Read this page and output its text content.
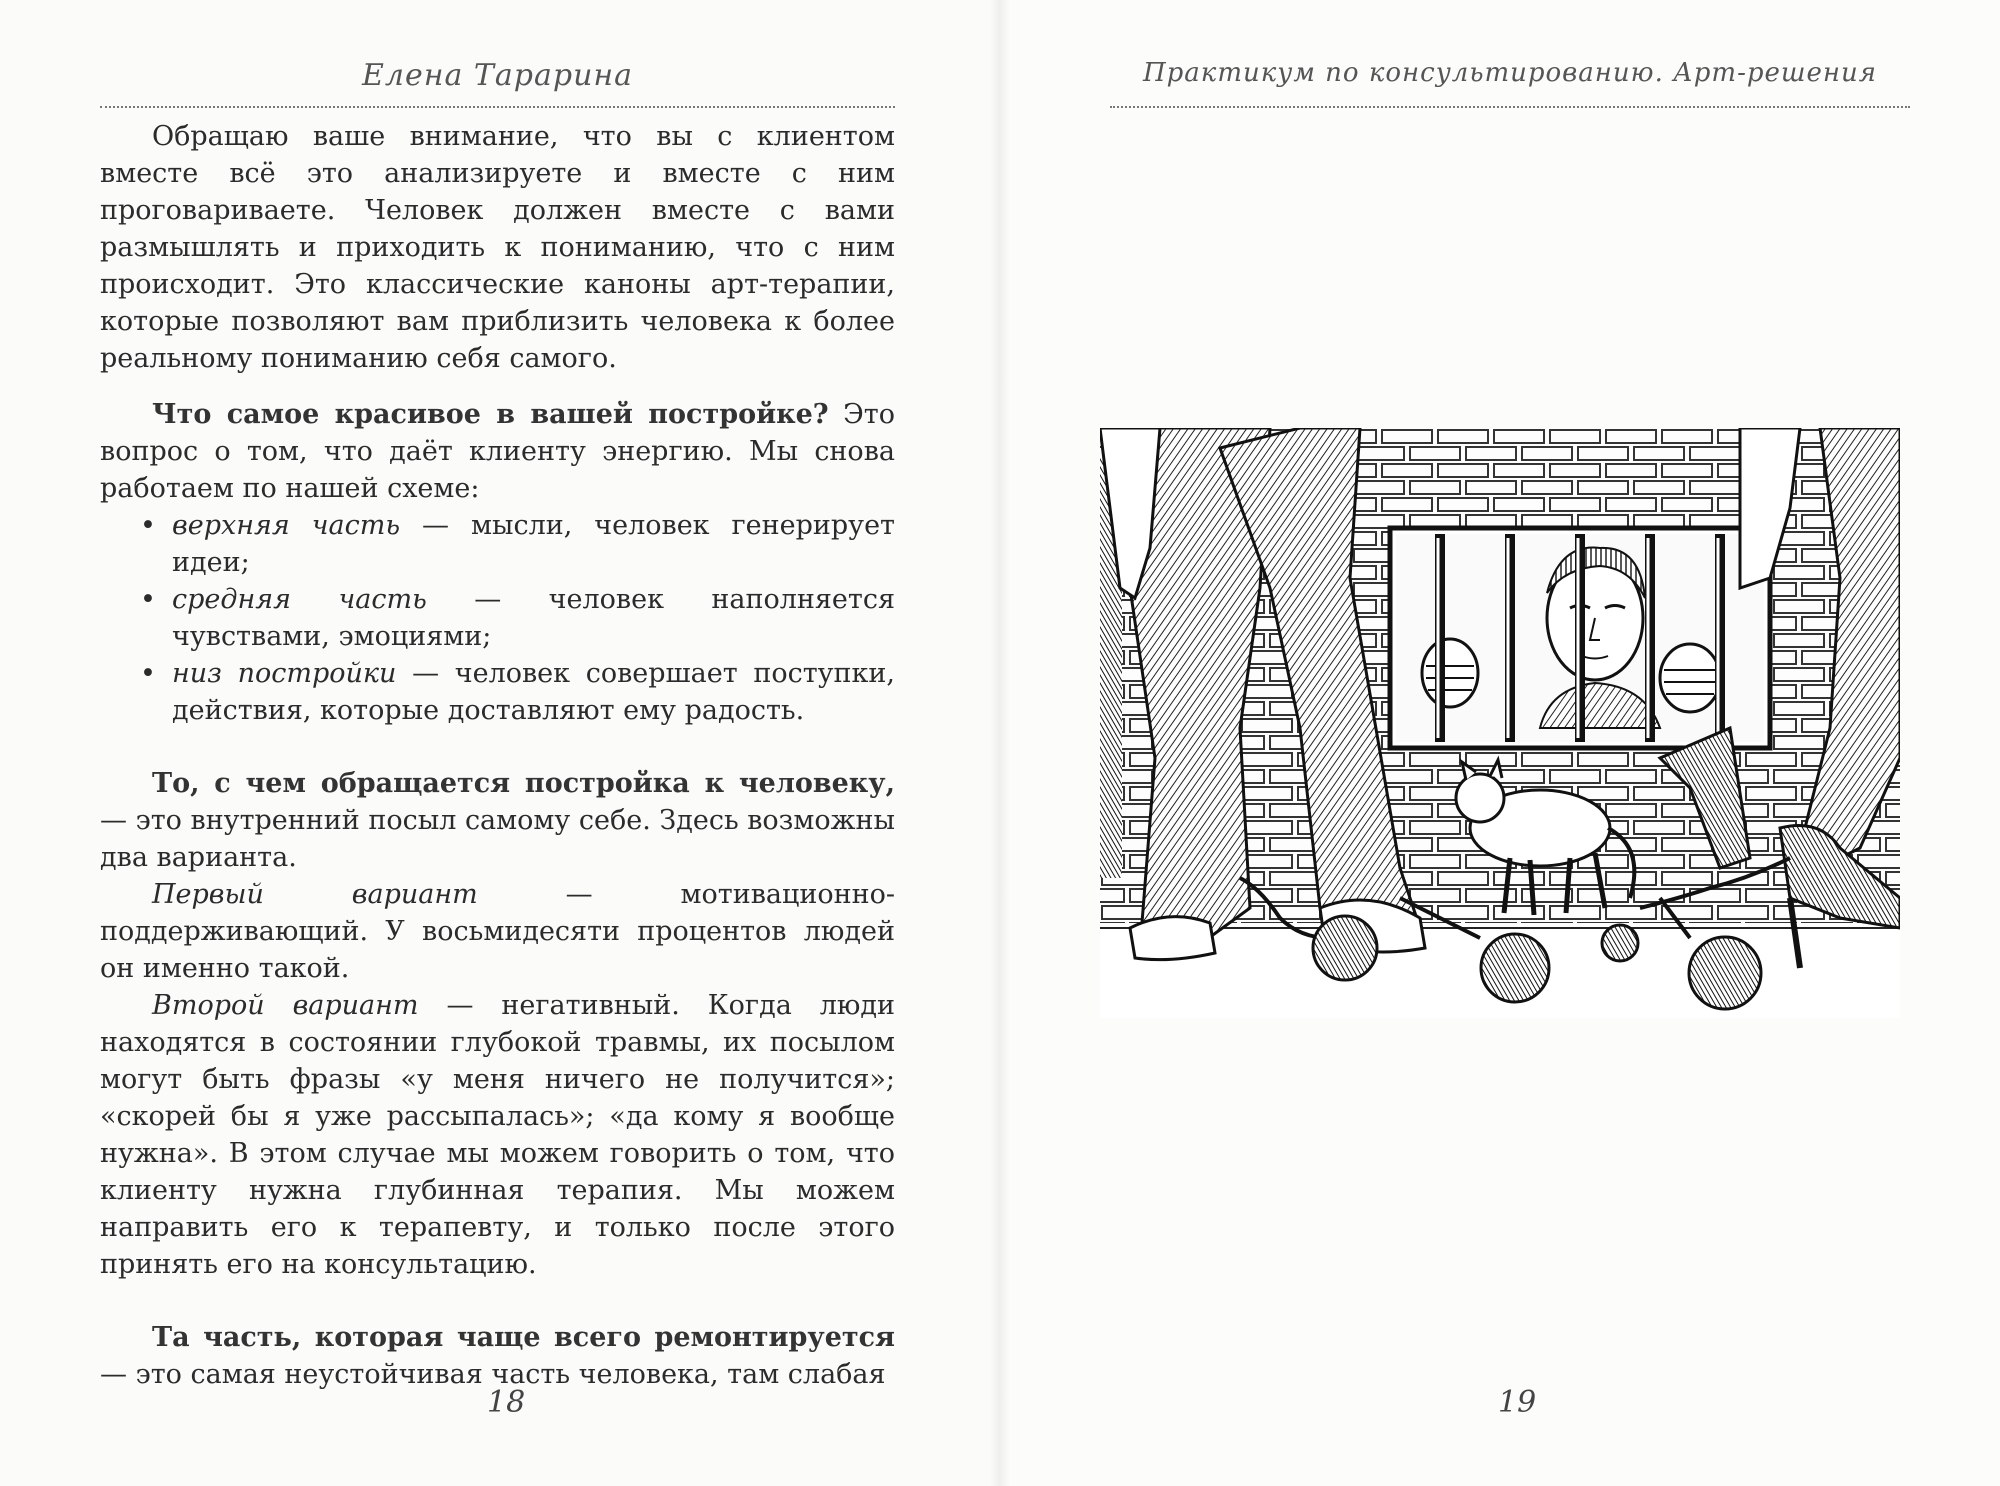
Елена Тарарина

Обращаю ваше внимание, что вы с клиентом вместе всё это анализируете и вместе с ним проговариваете. Человек должен вместе с вами размышлять и приходить к пониманию, что с ним происходит. Это классические каноны арт-терапии, которые позволяют вам приблизить человека к более реальному пониманию себя самого.

Что самое красивое в вашей постройке? Это вопрос о том, что даёт клиенту энергию. Мы снова работаем по нашей схеме:

• верхняя часть — мысли, человек генерирует идеи;
• средняя часть — человек наполняется чувствами, эмоциями;
• низ постройки — человек совершает поступки, действия, которые доставляют ему радость.

То, с чем обращается постройка к человеку, — это внутренний посыл самому себе. Здесь возможны два варианта.

Первый вариант — мотивационно-поддерживающий. У восьмидесяти процентов людей он именно такой.

Второй вариант — негативный. Когда люди находятся в состоянии глубокой травмы, их посылом могут быть фразы «у меня ничего не получится»; «скорей бы я уже рассыпалась»; «да кому я вообще нужна». В этом случае мы можем говорить о том, что клиенту нужна глубинная терапия. Мы можем направить его к терапевту, и только после этого принять его на консультацию.

Та часть, которая чаще всего ремонтируется — это самая неустойчивая часть человека, там слабая

18
Практикум по консультированию. Арт-решения
19
